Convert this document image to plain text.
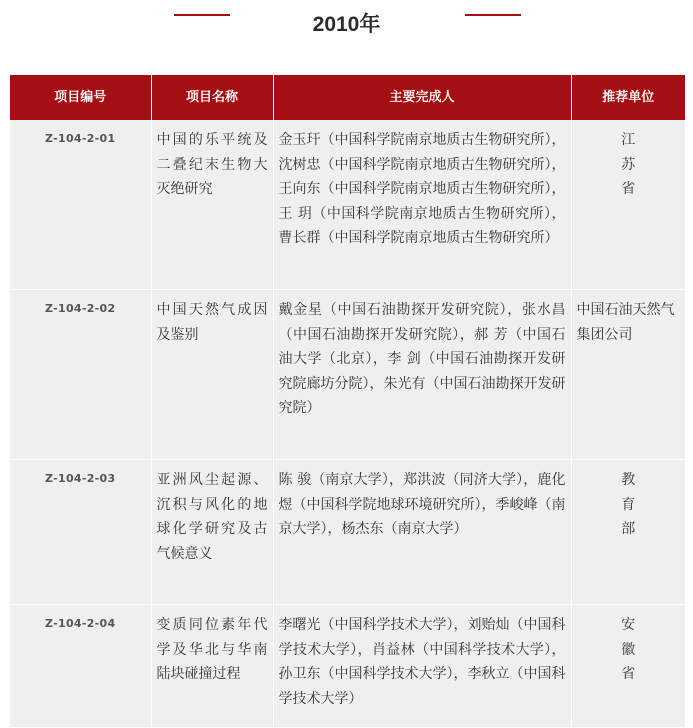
2010年
项目编号	项目名称	主要完成人	推荐单位
Z-104-2-01	中国的乐平统及二叠纪末生物大灭绝研究	金玉玕（中国科学院南京地质古生物研究所），沈树忠（中国科学院南京地质古生物研究所），王向东（中国科学院南京地质古生物研究所），王 玥（中国科学院南京地质古生物研究所），曹长群（中国科学院南京地质古生物研究所）	江苏省
Z-104-2-02	中国天然气成因及鉴别	戴金星（中国石油勘探开发研究院），张水昌（中国石油勘探开发研究院），郝 芳（中国石油大学（北京），李 剑（中国石油勘探开发研究院廊坊分院），朱光有（中国石油勘探开发研究院）	中国石油天然气集团公司
Z-104-2-03	亚洲风尘起源、沉积与风化的地球化学研究及古气候意义	陈 骏（南京大学），郑洪波（同济大学），鹿化煜（中国科学院地球环境研究所），季峻峰（南京大学），杨杰东（南京大学）	教育部
Z-104-2-04	变质同位素年代学及华北与华南陆块碰撞过程	李曙光（中国科学技术大学），刘贻灿（中国科学技术大学），肖益林（中国科学技术大学），孙卫东（中国科学技术大学），李秋立（中国科学技术大学）	安徽省
